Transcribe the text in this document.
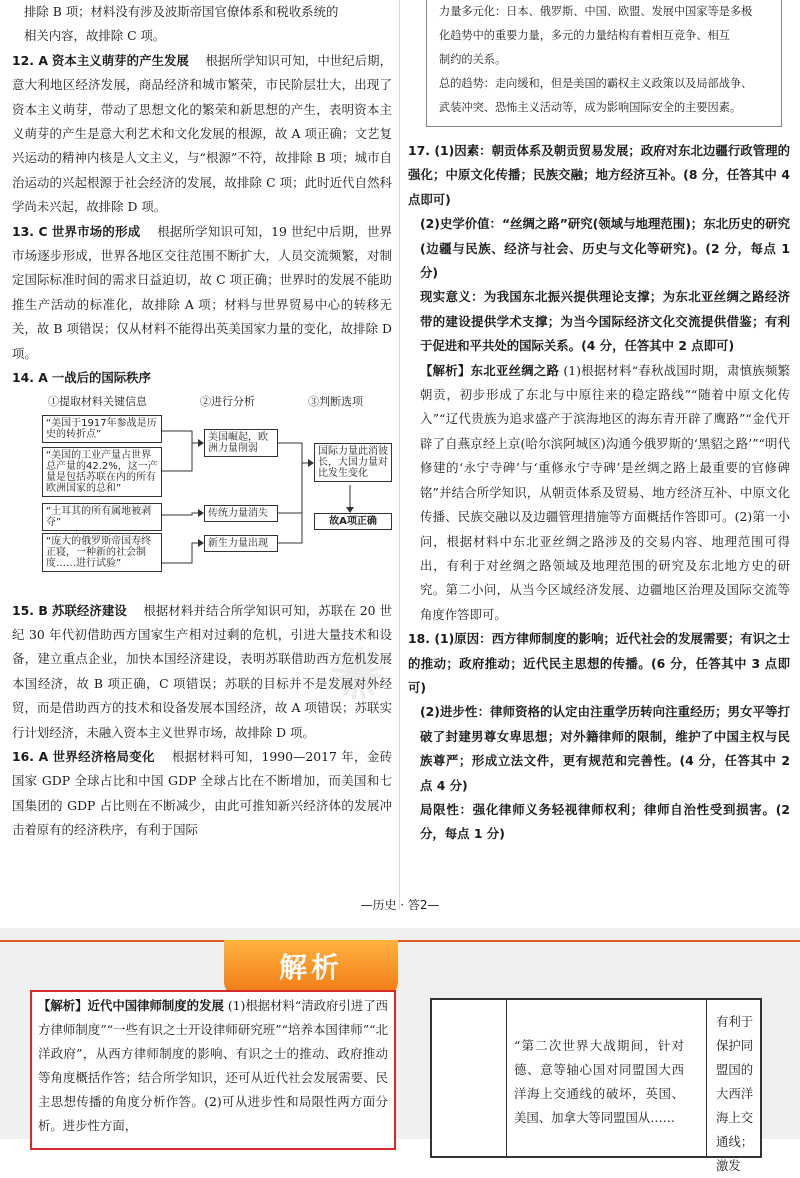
排除 B 项；材料没有涉及波斯帝国官僚体系和税收系统的

相关内容，故排除 C 项。

12. A 资本主义萌芽的产生发展　 根据所学知识可知，中世纪后期，意大利地区经济发展，商品经济和城市繁荣，市民阶层壮大，出现了资本主义萌芽，带动了思想文化的繁荣和新思想的产生，表明资本主义萌芽的产生是意大利艺术和文化发展的根源，故 A 项正确；文艺复兴运动的精神内核是人文主义，与“根源”不符，故排除 B 项；城市自治运动的兴起根源于社会经济的发展，故排除 C 项；此时近代自然科学尚未兴起，故排除 D 项。

13. C 世界市场的形成　 根据所学知识可知，19 世纪中后期，世界市场逐步形成，世界各地区交往范围不断扩大，人员交流频繁，对制定国际标准时间的需求日益迫切，故 C 项正确；世界时的发展不能助推生产活动的标准化，故排除 A 项；材料与世界贸易中心的转移无关，故 B 项错误；仅从材料不能得出英美国家力量的变化，故排除 D 项。

14. A 一战后的国际秩序

①提取材料关键信息	②进行分析	③判断选项
“美国于1917年参战是历史的转折点”
“美国的工业产量占世界总产量的42.2%，这一产量是包括苏联在内的所有欧洲国家的总和”
“土耳其的所有属地被剥夺”
“庞大的俄罗斯帝国寿终正寝，一种新的社会制度……进行试验”
美国崛起，欧洲力量削弱
传统力量消失
新生力量出现
国际力量此消彼长，大国力量对比发生变化
故A项正确

15. B 苏联经济建设　 根据材料并结合所学知识可知，苏联在 20 世纪 30 年代初借助西方国家生产相对过剩的危机，引进大量技术和设备，建立重点企业，加快本国经济建设，表明苏联借助西方危机发展本国经济，故 B 项正确，C 项错误；苏联的目标并不是发展对外经贸，而是借助西方的技术和设备发展本国经济，故 A 项错误；苏联实行计划经济，未融入资本主义世界市场，故排除 D 项。

16. A 世界经济格局变化　 根据材料可知，1990—2017 年，金砖国家 GDP 全球占比和中国 GDP 全球占比在不断增加，而美国和七国集团的 GDP 占比则在不断减少，由此可推知新兴经济体的发展冲击着原有的经济秩序，有利于国际

力量多元化：日本、俄罗斯、中国、欧盟、发展中国家等是多极

化趋势中的重要力量，多元的力量结构有着相互竞争、相互

制约的关系。

总的趋势：走向缓和，但是美国的霸权主义政策以及局部战争、

武装冲突、恐怖主义活动等，成为影响国际安全的主要因素。

17. (1)因素：朝贡体系及朝贡贸易发展；政府对东北边疆行政管理的强化；中原文化传播；民族交融；地方经济互补。(8 分，任答其中 4 点即可)

(2)史学价值：“丝绸之路”研究(领域与地理范围)；东北历史的研究(边疆与民族、经济与社会、历史与文化等研究)。(2 分，每点 1 分)

现实意义：为我国东北振兴提供理论支撑；为东北亚丝绸之路经济带的建设提供学术支撑；为当今国际经济文化交流提供借鉴；有利于促进和平共处的国际关系。(4 分，任答其中 2 点即可)

【解析】东北亚丝绸之路 (1)根据材料“春秋战国时期，肃慎族频繁朝贡，初步形成了东北与中原往来的稳定路线”“随着中原文化传入”“辽代贵族为追求盛产于滨海地区的海东青开辟了鹰路”“金代开辟了自燕京经上京(哈尔滨阿城区)沟通今俄罗斯的‘黑貂之路’”“明代修建的‘永宁寺碑’与‘重修永宁寺碑’是丝绸之路上最重要的官修碑铭”并结合所学知识，从朝贡体系及贸易、地方经济互补、中原文化传播、民族交融以及边疆管理措施等方面概括作答即可。(2)第一小问，根据材料中东北亚丝绸之路涉及的交易内容、地理范围可得出，有利于对丝绸之路领域及地理范围的研究及东北地方史的研究。第二小问，从当今区域经济发展、边疆地区治理及国际交流等角度作答即可。

18. (1)原因：西方律师制度的影响；近代社会的发展需要；有识之士的推动；政府推动；近代民主思想的传播。(6 分，任答其中 3 点即可)

(2)进步性：律师资格的认定由注重学历转向注重经历；男女平等打破了封建男尊女卑思想；对外籍律师的限制，维护了中国主权与民族尊严；形成立法文件，更有规范和完善性。(4 分，任答其中 2 点 4 分)

局限性：强化律师义务轻视律师权利；律师自治性受到损害。(2 分，每点 1 分)

✺
—历史 · 答2—
解析
【解析】近代中国律师制度的发展 (1)根据材料“清政府引进了西方律师制度”“一些有识之士开设律师研究班”“培养本国律师”“北洋政府”，从西方律师制度的影响、有识之士的推动、政府推动等角度概括作答；结合所学知识，还可从近代社会发展需要、民主思想传播的角度分析作答。(2)可从进步性和局限性两方面分析。进步性方面，
“第二次世界大战期间，针对德、意等轴心国对同盟国大西洋海上交通线的破坏，英国、美国、加拿大等同盟国从……
有利于保护同盟国的大西洋海上交通线；激发
